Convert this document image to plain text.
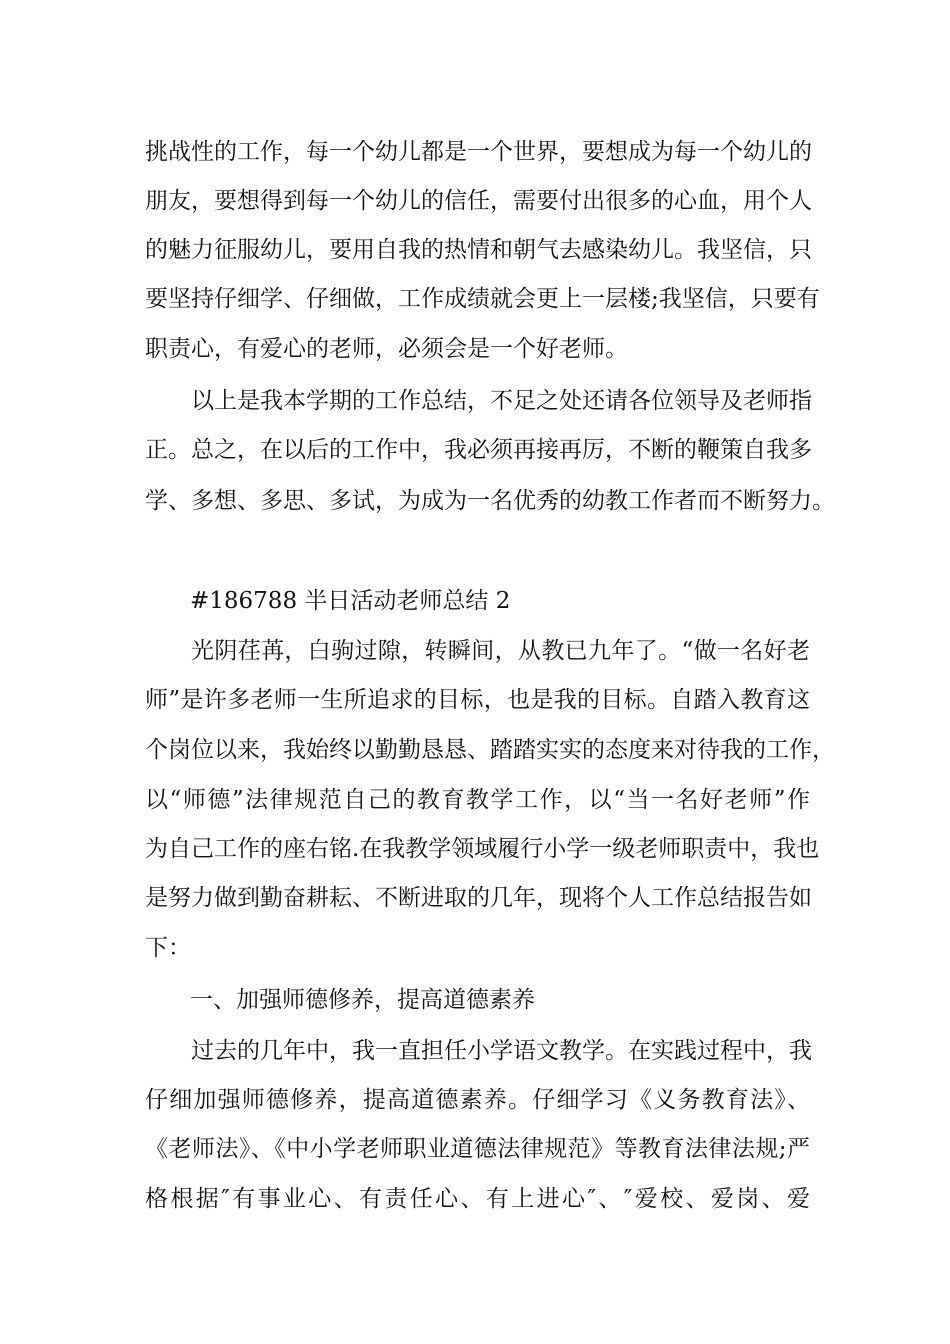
挑战性的工作，每一个幼儿都是一个世界，要想成为每一个幼儿的
朋友，要想得到每一个幼儿的信任，需要付出很多的心血，用个人
的魅力征服幼儿，要用自我的热情和朝气去感染幼儿。我坚信，只
要坚持仔细学、仔细做，工作成绩就会更上一层楼;我坚信，只要有
职责心，有爱心的老师，必须会是一个好老师。
以上是我本学期的工作总结，不足之处还请各位领导及老师指
正。总之，在以后的工作中，我必须再接再厉，不断的鞭策自我多
学、多想、多思、多试，为成为一名优秀的幼教工作者而不断努力。
#186788 半日活动老师总结 2
光阴荏苒，白驹过隙，转瞬间，从教已九年了。“做一名好老
师”是许多老师一生所追求的目标，也是我的目标。自踏入教育这
个岗位以来，我始终以勤勤恳恳、踏踏实实的态度来对待我的工作，
以“师德”法律规范自己的教育教学工作，以“当一名好老师”作
为自己工作的座右铭.在我教学领域履行小学一级老师职责中，我也
是努力做到勤奋耕耘、不断进取的几年，现将个人工作总结报告如
下：
一、加强师德修养，提高道德素养
过去的几年中，我一直担任小学语文教学。在实践过程中，我
仔细加强师德修养，提高道德素养。仔细学习《义务教育法》、
《老师法》、《中小学老师职业道德法律规范》等教育法律法规;严
格根据″有事业心、有责任心、有上进心″、″爱校、爱岗、爱
